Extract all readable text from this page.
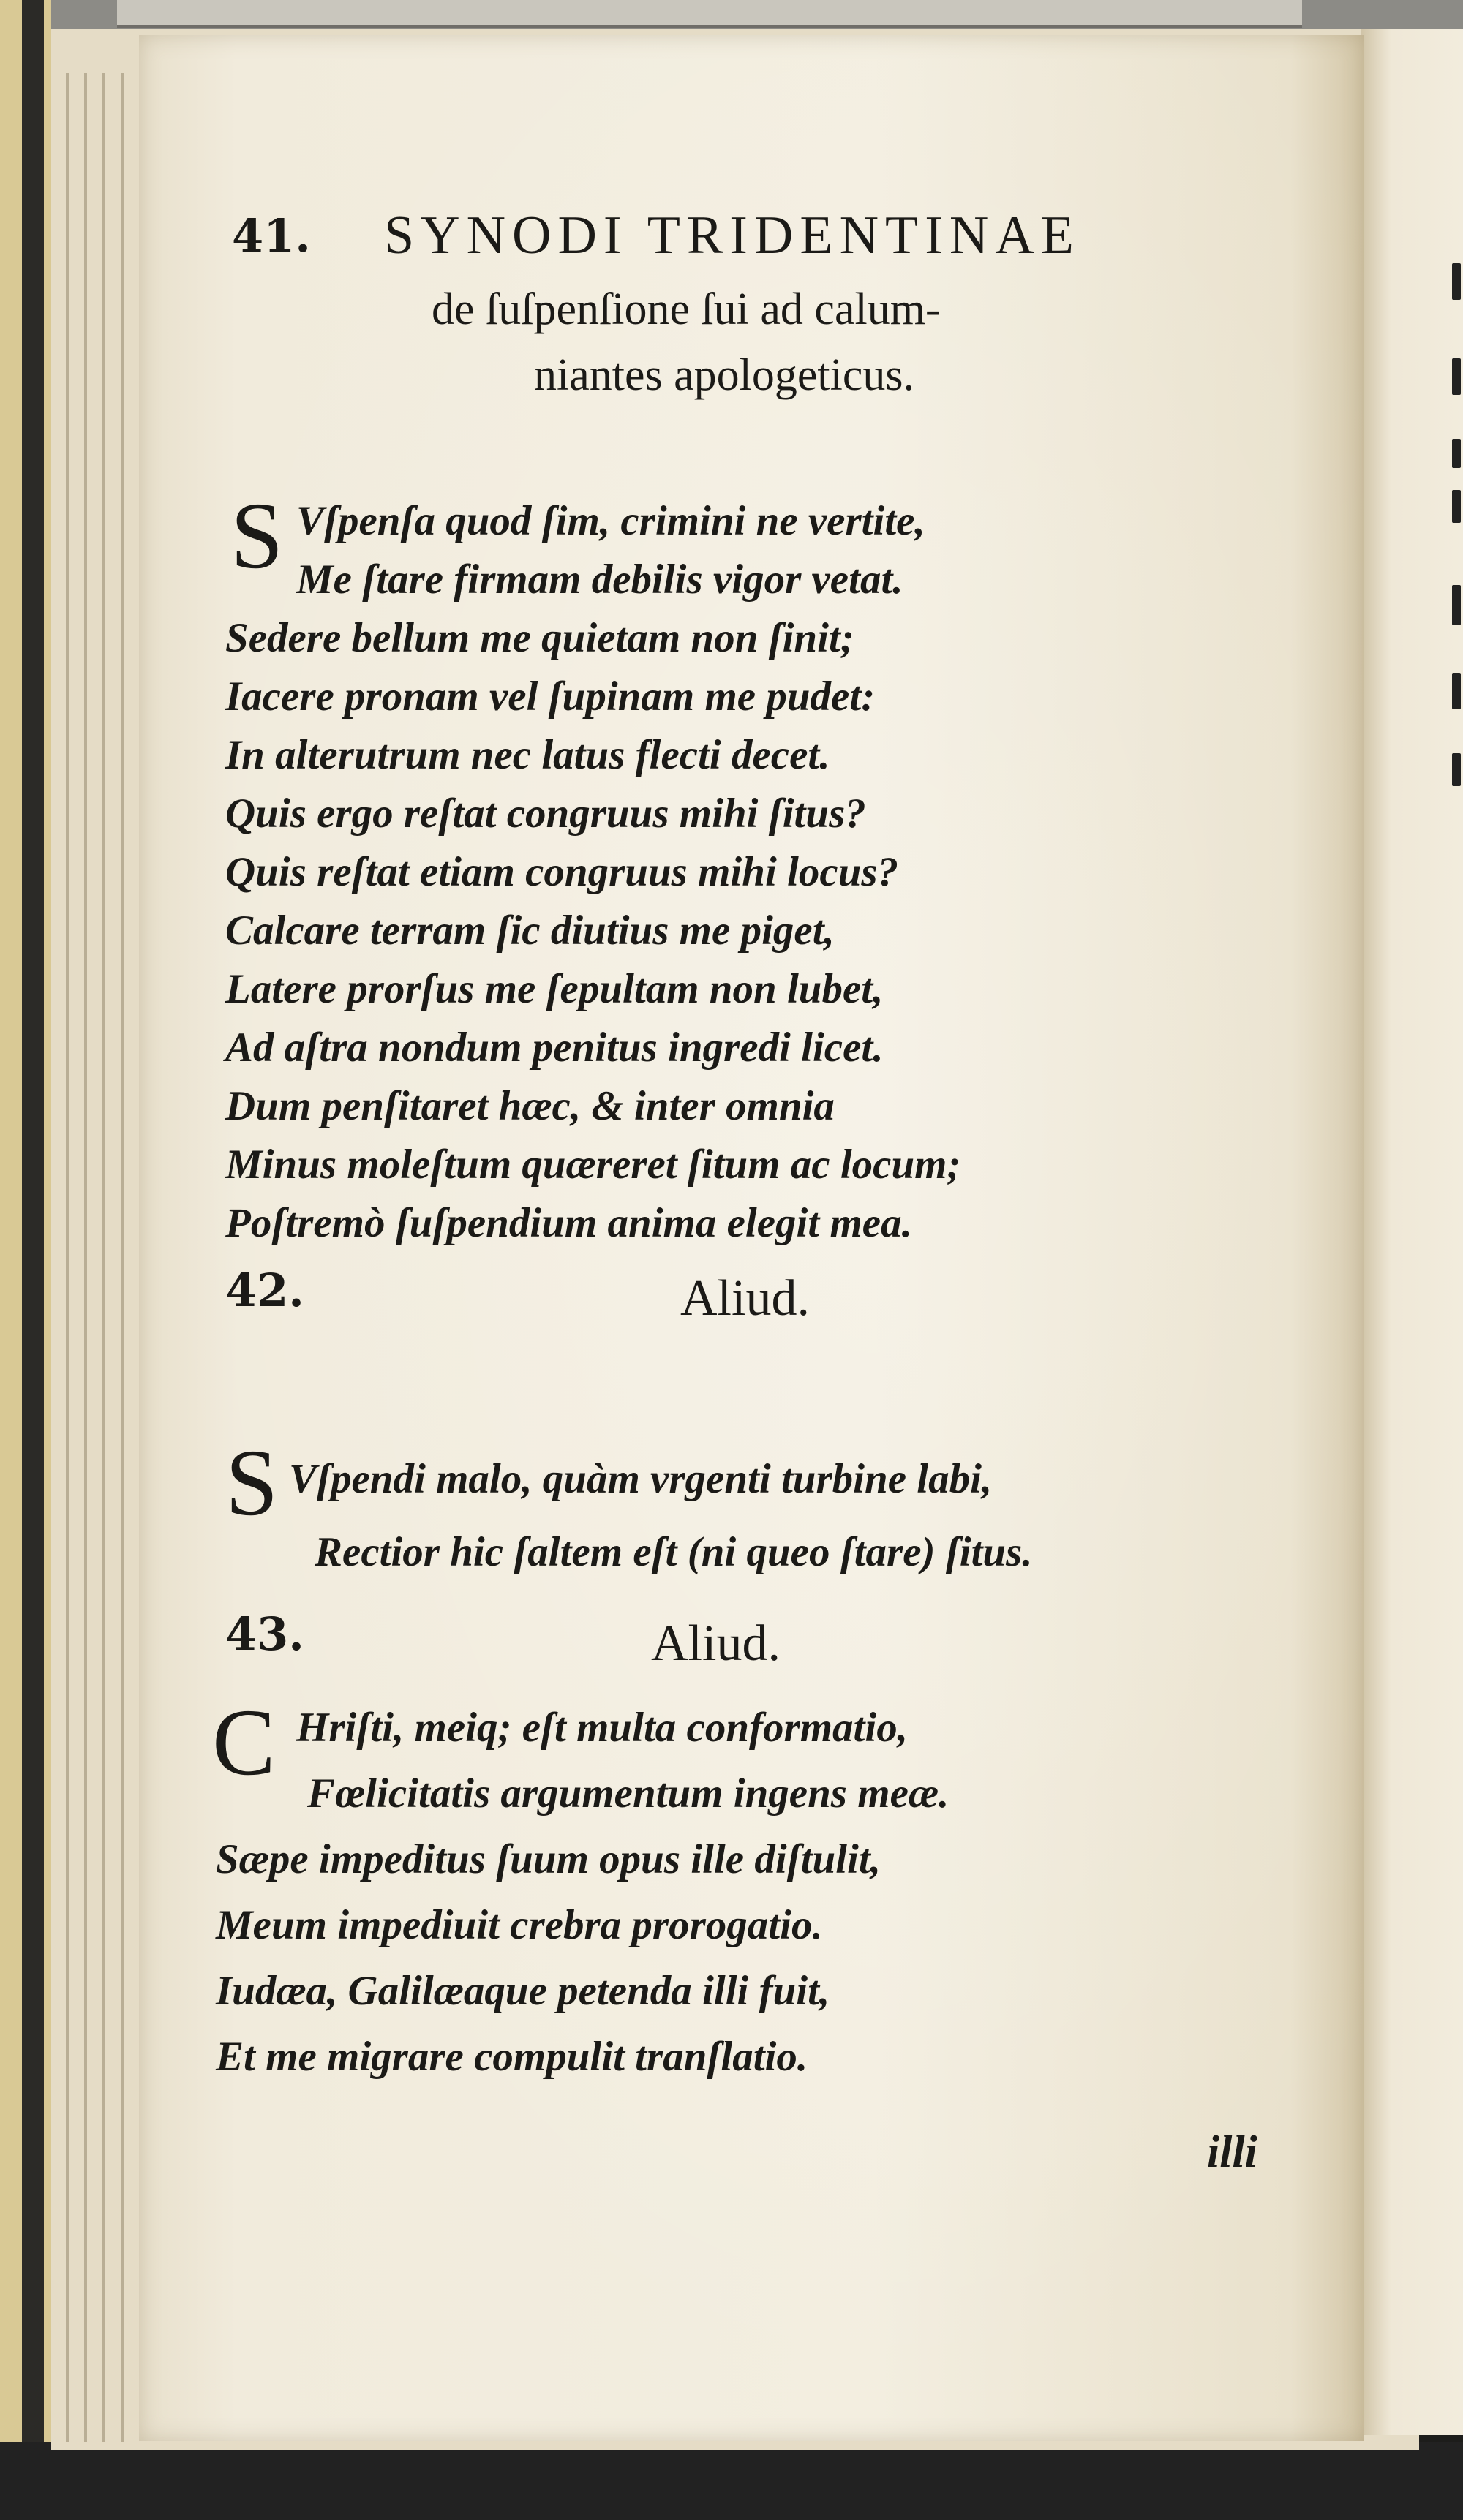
41. SYNODI TRIDENTINAE
de ſuſpenſione ſui ad calum-
niantes apologeticus.
S Vſpenſa quod ſim, crimini ne vertite,
Me ſtare firmam debilis vigor vetat.
Sedere bellum me quietam non ſinit;
Iacere pronam vel ſupinam me pudet:
In alterutrum nec latus flecti decet.
Quis ergo reſtat congruus mihi ſitus?
Quis reſtat etiam congruus mihi locus?
Calcare terram ſic diutius me piget,
Latere prorſus me ſepultam non lubet,
Ad aſtra nondum penitus ingredi licet.
Dum penſitaret hæc, & inter omnia
Minus moleſtum quæreret ſitum ac locum;
Poſtremò ſuſpendium anima elegit mea.
42.	Aliud.
S Vſpendi malo, quàm vrgenti turbine labi,
Rectior hic ſaltem eſt (ni queo ſtare) ſitus.
43.	Aliud.
C Hriſti, meiq; eſt multa conformatio,
Fœlicitatis argumentum ingens meæ.
Sæpe impeditus ſuum opus ille diſtulit,
Meum impediuit crebra prorogatio.
Iudæa, Galilæaque petenda illi fuit,
Et me migrare compulit tranſlatio.
illi
